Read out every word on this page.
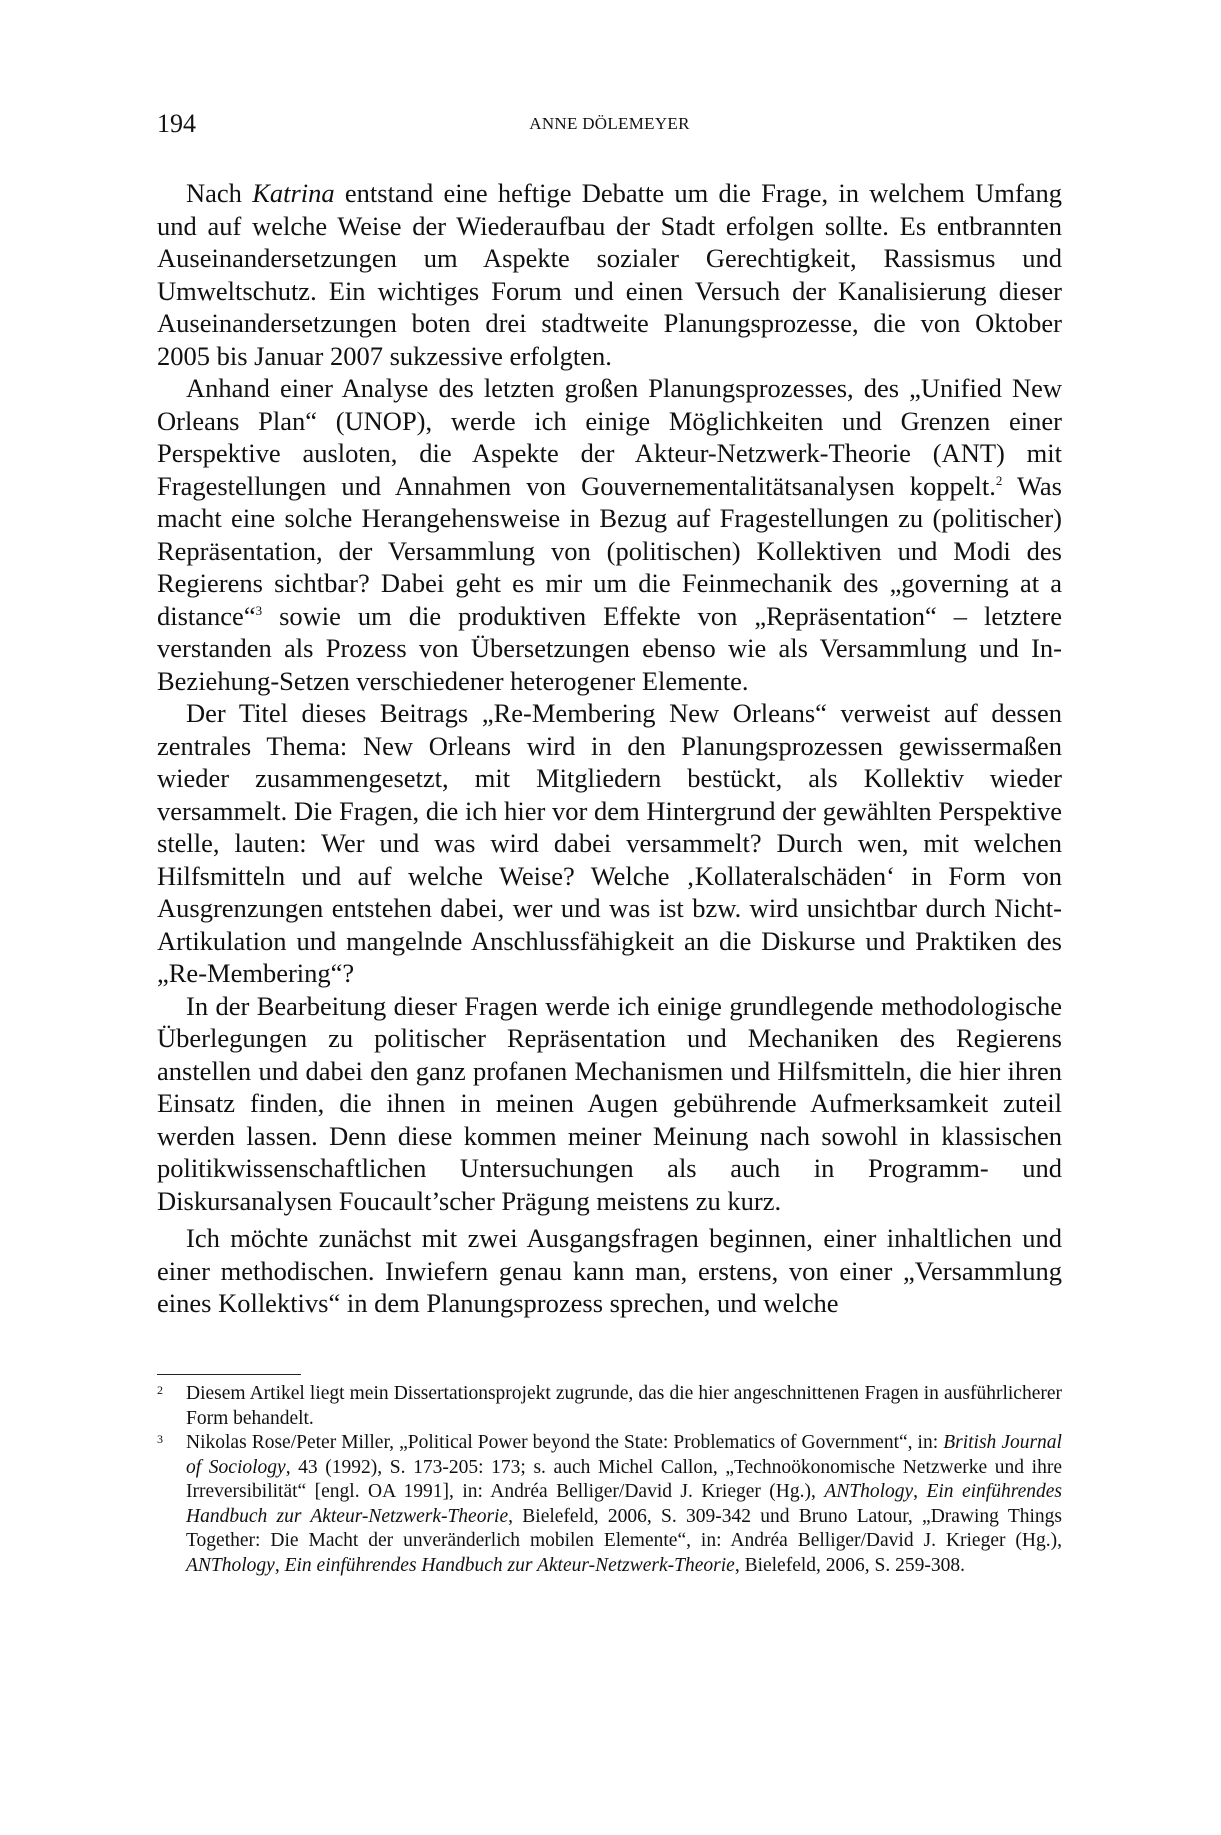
194	ANNE DÖLEMEYER

Nach Katrina entstand eine heftige Debatte um die Frage, in welchem Umfang und auf welche Weise der Wiederaufbau der Stadt erfolgen sollte. Es entbrannten Auseinandersetzungen um Aspekte sozialer Gerechtigkeit, Rassismus und Umweltschutz. Ein wichtiges Forum und einen Versuch der Kanalisierung dieser Auseinandersetzungen boten drei stadtweite Planungsprozesse, die von Oktober 2005 bis Januar 2007 sukzessive erfolgten.

Anhand einer Analyse des letzten großen Planungsprozesses, des „Unified New Orleans Plan“ (UNOP), werde ich einige Möglichkeiten und Grenzen einer Perspektive ausloten, die Aspekte der Akteur-Netzwerk-Theorie (ANT) mit Fragestellungen und Annahmen von Gouvernementalitätsanalysen koppelt.$^2$ Was macht eine solche Herangehensweise in Bezug auf Fragestellungen zu (politischer) Repräsentation, der Versammlung von (politischen) Kollektiven und Modi des Regierens sichtbar? Dabei geht es mir um die Feinmechanik des „governing at a distance“$^3$ sowie um die produktiven Effekte von „Repräsentation“ – letztere verstanden als Prozess von Übersetzungen ebenso wie als Versammlung und In-Beziehung-Setzen verschiedener heterogener Elemente.

Der Titel dieses Beitrags „Re-Membering New Orleans“ verweist auf dessen zentrales Thema: New Orleans wird in den Planungsprozessen gewissermaßen wieder zusammengesetzt, mit Mitgliedern bestückt, als Kollektiv wieder versammelt. Die Fragen, die ich hier vor dem Hintergrund der gewählten Perspektive stelle, lauten: Wer und was wird dabei versammelt? Durch wen, mit welchen Hilfsmitteln und auf welche Weise? Welche ‚Kollateralschäden‘ in Form von Ausgrenzungen entstehen dabei, wer und was ist bzw. wird unsichtbar durch Nicht-Artikulation und mangelnde Anschlussfähigkeit an die Diskurse und Praktiken des „Re-Membering“?

In der Bearbeitung dieser Fragen werde ich einige grundlegende methodologische Überlegungen zu politischer Repräsentation und Mechaniken des Regierens anstellen und dabei den ganz profanen Mechanismen und Hilfsmitteln, die hier ihren Einsatz finden, die ihnen in meinen Augen gebührende Aufmerksamkeit zuteil werden lassen. Denn diese kommen meiner Meinung nach sowohl in klassischen politikwissenschaftlichen Untersuchungen als auch in Programm- und Diskursanalysen Foucault’scher Prägung meistens zu kurz.

Ich möchte zunächst mit zwei Ausgangsfragen beginnen, einer inhaltlichen und einer methodischen. Inwiefern genau kann man, erstens, von einer „Versammlung eines Kollektivs“ in dem Planungsprozess sprechen, und welche

2 Diesem Artikel liegt mein Dissertationsprojekt zugrunde, das die hier angeschnittenen Fragen in ausführlicherer Form behandelt.

3 Nikolas Rose/Peter Miller, „Political Power beyond the State: Problematics of Government“, in: British Journal of Sociology, 43 (1992), S. 173-205: 173; s. auch Michel Callon, „Technoökonomische Netzwerke und ihre Irreversibilität“ [engl. OA 1991], in: Andréa Belliger/David J. Krieger (Hg.), ANThology, Ein einführendes Handbuch zur Akteur-Netzwerk-Theorie, Bielefeld, 2006, S. 309-342 und Bruno Latour, „Drawing Things Together: Die Macht der unveränderlich mobilen Elemente“, in: Andréa Belliger/David J. Krieger (Hg.), ANThology, Ein einführendes Handbuch zur Akteur-Netzwerk-Theorie, Bielefeld, 2006, S. 259-308.
